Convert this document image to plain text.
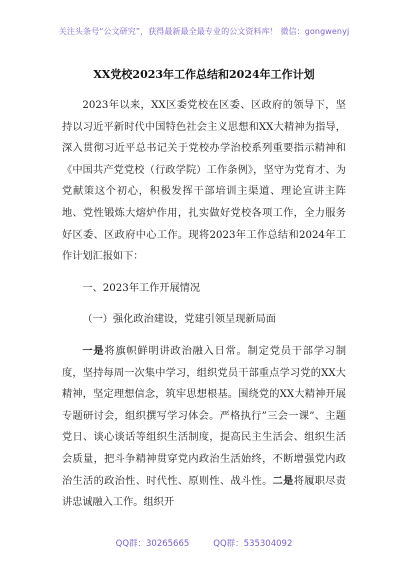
关注头条号“公文研究”，获得最新最全最专业的公文资料库！ 微信：gongwenyj
XX党校2023年工作总结和2024年工作计划

2023年以来，XX区委党校在区委、区政府的领导下，坚持以习近平新时代中国特色社会主义思想和XX大精神为指导，深入贯彻习近平总书记关于党校办学治校系列重要指示精神和《中国共产党党校（行政学院）工作条例》，坚守为党育才、为党献策这个初心，积极发挥干部培训主渠道、理论宣讲主阵地、党性锻炼大熔炉作用，扎实做好党校各项工作，全力服务好区委、区政府中心工作。现将2023年工作总结和2024年工作计划汇报如下：

一、2023年工作开展情况

（一）强化政治建设，党建引领呈现新局面

一是将旗帜鲜明讲政治融入日常。制定党员干部学习制度，坚持每周一次集中学习，组织党员干部重点学习党的XX大精神，坚定理想信念，筑牢思想根基。围绕党的XX大精神开展专题研讨会，组织撰写学习体会。严格执行”三会一课”、主题党日、谈心谈话等组织生活制度，提高民主生活会、组织生活会质量，把斗争精神贯穿党内政治生活始终，不断增强党内政治生活的政治性、时代性、原则性、战斗性。二是将履职尽责讲忠诚融入工作。组织开

QQ群：30265665	QQ群：535304092
